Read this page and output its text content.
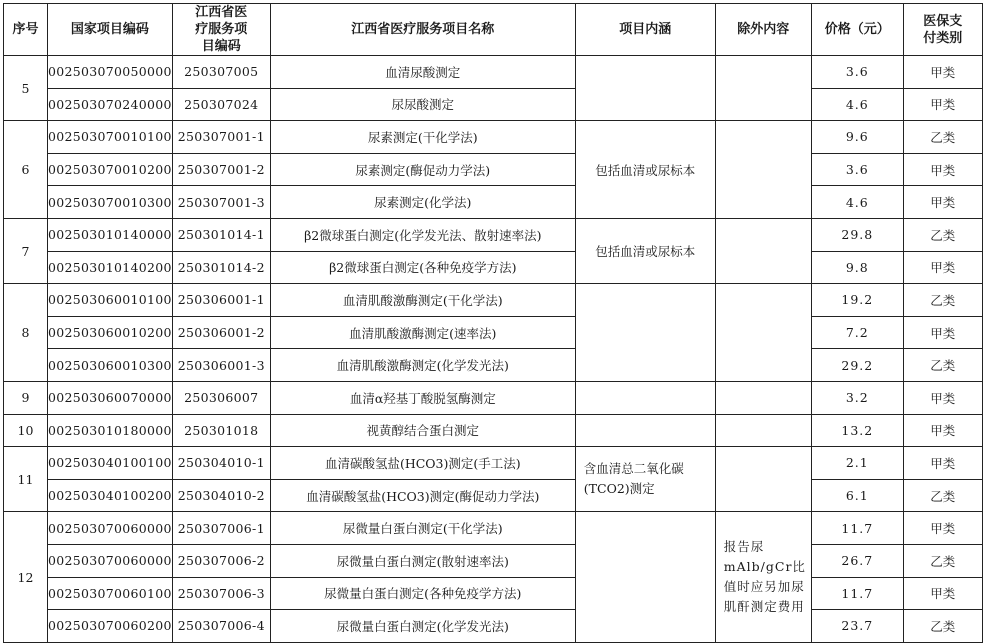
序号	国家项目编码	江西省医疗服务项目编码	江西省医疗服务项目名称	项目内涵	除外内容	价格（元）	医保支付类别

5	002503070050000	250307005	血清尿酸测定			3.6	甲类
	002503070240000	250307024	尿尿酸测定			4.6	甲类
6	002503070010100	250307001-1	尿素测定(干化学法)	包括血清或尿标本		9.6	乙类
	002503070010200	250307001-2	尿素测定(酶促动力学法)			3.6	甲类
	002503070010300	250307001-3	尿素测定(化学法)			4.6	甲类
7	002503010140000	250301014-1	β2微球蛋白测定(化学发光法、散射速率法)	包括血清或尿标本		29.8	乙类
	002503010140200	250301014-2	β2微球蛋白测定(各种免疫学方法)			9.8	甲类
8	002503060010100	250306001-1	血清肌酸激酶测定(干化学法)			19.2	乙类
	002503060010200	250306001-2	血清肌酸激酶测定(速率法)			7.2	甲类
	002503060010300	250306001-3	血清肌酸激酶测定(化学发光法)			29.2	乙类
9	002503060070000	250306007	血清α羟基丁酸脱氢酶测定			3.2	甲类
10	002503010180000	250301018	视黄醇结合蛋白测定			13.2	甲类
11	002503040100100	250304010-1	血清碳酸氢盐(HCO3)测定(手工法)	含血清总二氧化碳(TCO2)测定		2.1	甲类
	002503040100200	250304010-2	血清碳酸氢盐(HCO3)测定(酶促动力学法)			6.1	乙类
12	002503070060000	250307006-1	尿微量白蛋白测定(干化学法)		报告尿mAlb/gCr比值时应另加尿肌酐测定费用	11.7	甲类
	002503070060000	250307006-2	尿微量白蛋白测定(散射速率法)			26.7	乙类
	002503070060100	250307006-3	尿微量白蛋白测定(各种免疫学方法)			11.7	甲类
	002503070060200	250307006-4	尿微量白蛋白测定(化学发光法)			23.7	乙类
